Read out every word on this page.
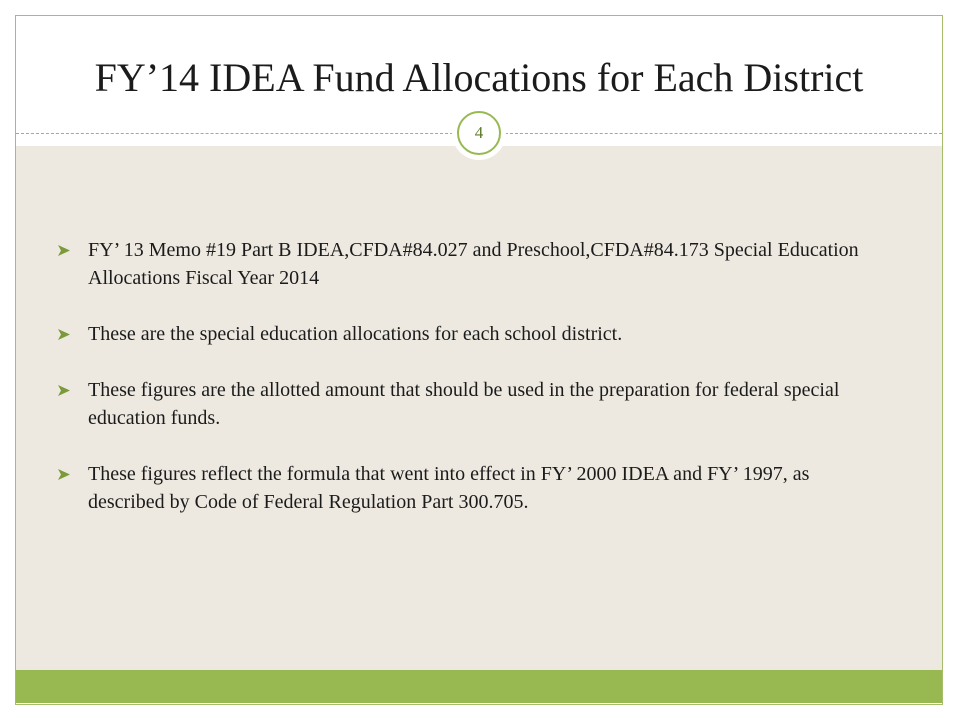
FY’14 IDEA Fund Allocations for Each District
4
FY’ 13 Memo #19 Part B IDEA,CFDA#84.027 and Preschool,CFDA#84.173 Special Education Allocations Fiscal Year 2014
These are the special education allocations for each school district.
These figures are the allotted amount that should be used in the preparation for federal special education funds.
These figures reflect the formula that went into effect in FY’ 2000 IDEA and FY’ 1997, as described by Code of Federal Regulation Part 300.705.
